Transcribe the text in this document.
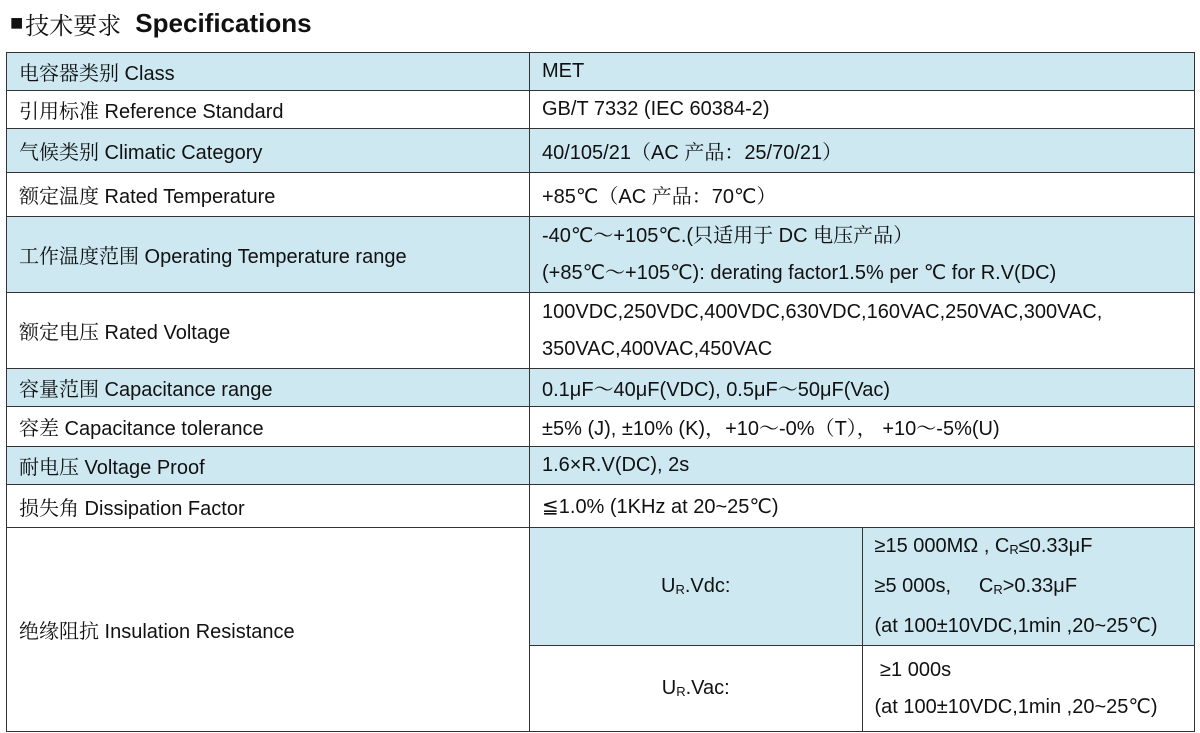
■ 技术要求 Specifications
电容器类别 Class	MET	
引用标准 Reference Standard	GB/T 7332 (IEC 60384-2)	
气候类别 Climatic Category	40/105/21（AC 产品：25/70/21）	
额定温度 Rated Temperature	+85℃（AC 产品：70℃）	
工作温度范围 Operating Temperature range	-40℃～+105℃.(只适用于 DC 电压产品）
(+85℃～+105℃): derating factor1.5% per ℃ for R.V(DC)	

额定电压 Rated Voltage	100VDC,250VDC,400VDC,630VDC,160VAC,250VAC,300VAC,
350VAC,400VAC,450VAC	

容量范围 Capacitance range	0.1μF～40μF(VDC), 0.5μF～50μF(Vac)	
容差 Capacitance tolerance	±5% (J), ±10% (K)，+10～-0%（T）， +10～-5%(U)	
耐电压 Voltage Proof	1.6×R.V(DC), 2s	
损失角 Dissipation Factor	≦1.0% (1KHz at 20~25℃)	
绝缘阻抗 Insulation Resistance	$U_R.Vdc$:	≥15 000MΩ , $C_R\le 0.33\mu F$
≥5 000s,     $C_R>0.33\mu F$
(at 100±10VDC,1min ,20~25℃)

	$U_R.Vac$:	≥1 000s
(at 100±10VDC,1min ,20~25℃)
